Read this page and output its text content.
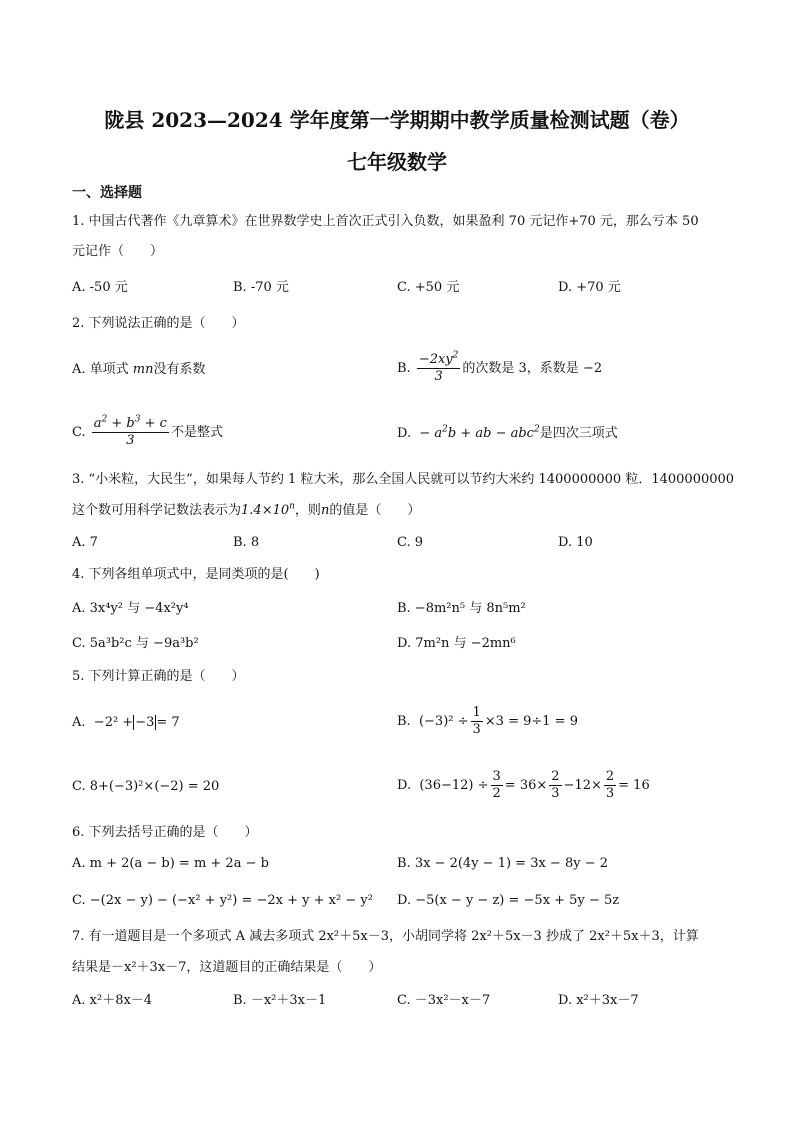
陇县 2023—2024 学年度第一学期期中教学质量检测试题（卷）
七年级数学
一、选择题
1. 中国古代著作《九章算术》在世界数学史上首次正式引入负数，如果盈利 70 元记作+70 元，那么亏本 50
元记作（　　）
A. -50 元	B. -70 元	C. +50 元	D. +70 元
2. 下列说法正确的是（　　）
A. 单项式 mn没有系数	B. $\frac{-2xy^2}{3}$ 的次数是 3，系数是 −2
C. $\frac{a^2 + b^3 + c}{3}$ 不是整式	D.  − $a^2b$ + ab − abc$^2$是四次三项式
3. “小米粒，大民生”，如果每人节约 1 粒大米，那么全国人民就可以节约大米约 1400000000 粒．1400000000
这个数可用科学记数法表示为$1.4\times 10^n$，则n的值是（　　）
A. 7	B. 8	C. 9	D. 10
4. 下列各组单项式中，是同类项的是(　　)
A. 3x⁴y² 与 −4x²y⁴	B. −8m²n⁵ 与 8n⁵m²
C. 5a³b²c 与 −9a³b²	D. 7m²n 与 −2mn⁶
5. 下列计算正确的是（　　）
A. −2² + −3 = 7	B. $(-3)^2 \div \frac{1}{3} \times 3 = 9\div 1 = 9$
C. 8+(−3)²×(−2) = 20	D. $(36-12) \div \frac{3}{2} = 36\times \frac{2}{3} -12\times \frac{2}{3} = 16$
6. 下列去括号正确的是（　　）
A. m + 2(a − b) = m + 2a − b	B. 3x − 2(4y − 1) = 3x − 8y − 2
C. −(2x − y) − (−x² + y²) = −2x + y + x² − y² D. −5(x − y − z) = −5x + 5y − 5z
7. 有一道题目是一个多项式 A 减去多项式 2x²＋5x－3，小胡同学将 2x²＋5x－3 抄成了 2x²＋5x＋3，计算
结果是－x²＋3x－7，这道题目的正确结果是（　　）
A. x²＋8x－4	B. －x²＋3x－1	C. －3x²－x－7	D. x²＋3x－7
